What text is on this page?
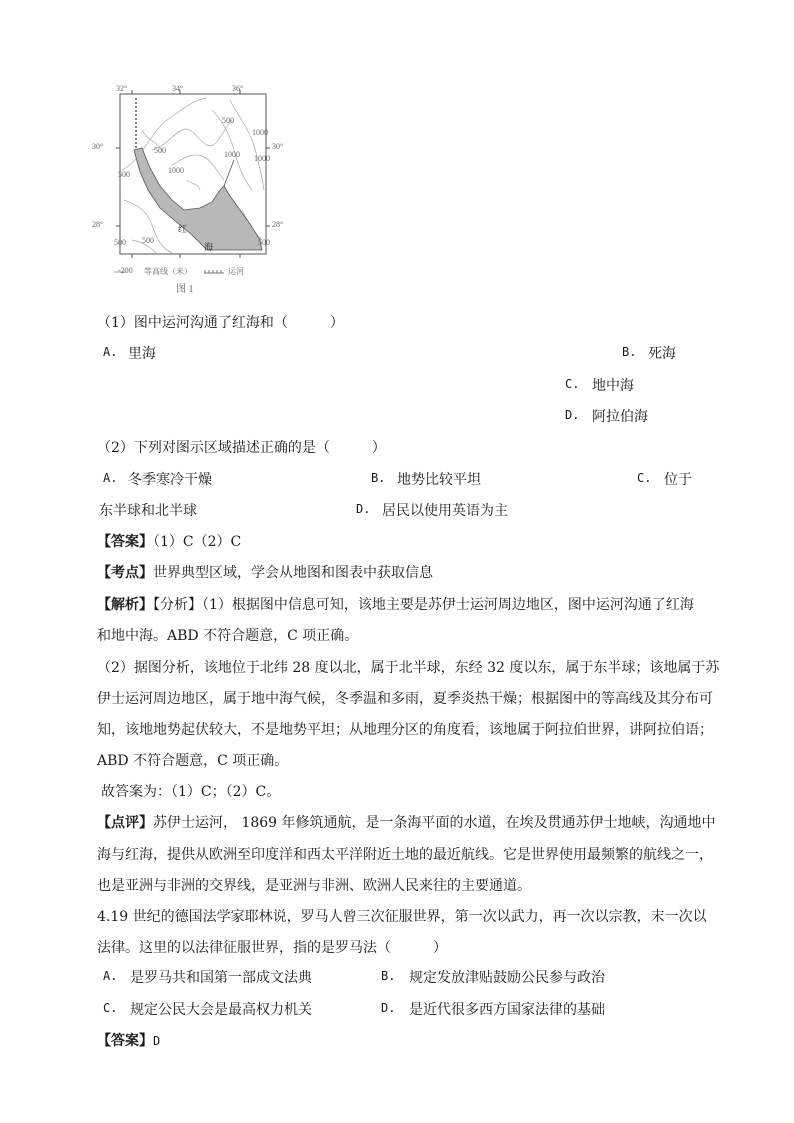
32°	34°	36°
30°
28°
30°
28°
1000
1000 1000
1000
500
500
500 500	500
500
红
海
-200 等高线（米）	运河
图 1
（1）图中运河沟通了红海和（　　　）
A. 里海	B. 死海
C. 地中海
D. 阿拉伯海
（2）下列对图示区域描述正确的是（　　　）
A. 冬季寒冷干燥	B. 地势比较平坦	C. 位于
东半球和北半球	D. 居民以使用英语为主
【答案】（1）C（2）C
【考点】世界典型区域，学会从地图和图表中获取信息
【解析】【分析】（1）根据图中信息可知，该地主要是苏伊士运河周边地区，图中运河沟通了红海
和地中海。ABD 不符合题意，C 项正确。
（2）据图分析，该地位于北纬 28 度以北，属于北半球，东经 32 度以东，属于东半球；该地属于苏
伊士运河周边地区，属于地中海气候，冬季温和多雨，夏季炎热干燥；根据图中的等高线及其分布可
知，该地地势起伏较大，不是地势平坦；从地理分区的角度看，该地属于阿拉伯世界，讲阿拉伯语；
ABD 不符合题意，C 项正确。
故答案为：（1）C；（2）C。
【点评】苏伊士运河， 1869 年修筑通航，是一条海平面的水道，在埃及贯通苏伊士地峡，沟通地中
海与红海，提供从欧洲至印度洋和西太平洋附近土地的最近航线。它是世界使用最频繁的航线之一，
也是亚洲与非洲的交界线，是亚洲与非洲、欧洲人民来往的主要通道。
4.19 世纪的德国法学家耶林说，罗马人曾三次征服世界，第一次以武力，再一次以宗教，末一次以
法律。这里的以法律征服世界，指的是罗马法（　　　）
A. 是罗马共和国第一部成文法典	B. 规定发放津贴鼓励公民参与政治
C. 规定公民大会是最高权力机关	D. 是近代很多西方国家法律的基础
【答案】D
